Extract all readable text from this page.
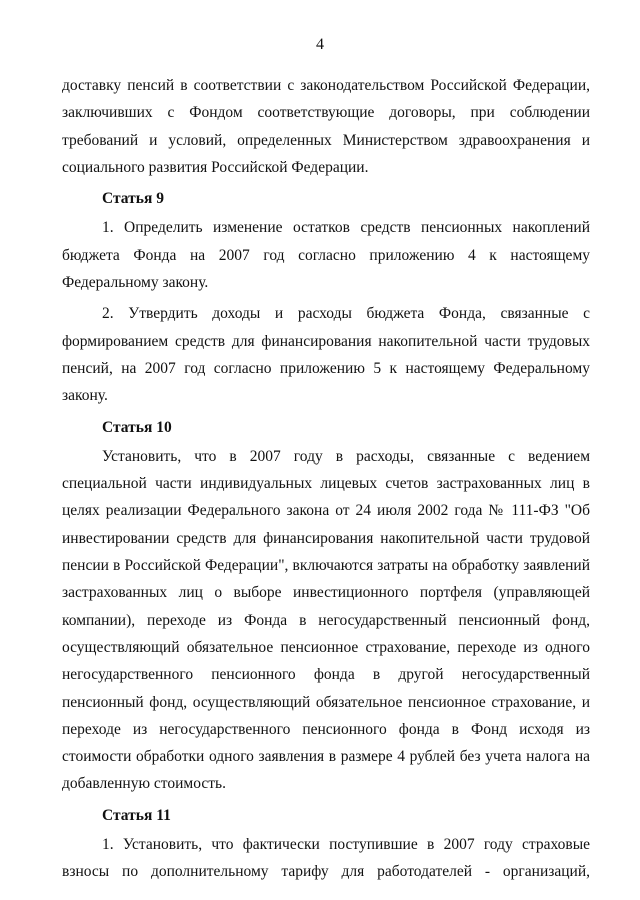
4
доставку пенсий в соответствии с законодательством Российской Федерации,
заключивших с Фондом соответствующие договоры, при соблюдении
требований и условий, определенных Министерством здравоохранения и
социального развития Российской Федерации.
Статья 9
1. Определить изменение остатков средств пенсионных накоплений
бюджета Фонда на 2007 год согласно приложению 4 к настоящему
Федеральному закону.
2. Утвердить доходы и расходы бюджета Фонда, связанные с
формированием средств для финансирования накопительной части трудовых
пенсий, на 2007 год согласно приложению 5 к настоящему Федеральному
закону.
Статья 10
Установить, что в 2007 году в расходы, связанные с ведением
специальной части индивидуальных лицевых счетов застрахованных лиц в
целях реализации Федерального закона от 24 июля 2002 года № 111-ФЗ "Об
инвестировании средств для финансирования накопительной части трудовой
пенсии в Российской Федерации", включаются затраты на обработку заявлений
застрахованных лиц о выборе инвестиционного портфеля (управляющей
компании), переходе из Фонда в негосударственный пенсионный фонд,
осуществляющий обязательное пенсионное страхование, переходе из одного
негосударственного пенсионного фонда в другой негосударственный
пенсионный фонд, осуществляющий обязательное пенсионное страхование, и
переходе из негосударственного пенсионного фонда в Фонд исходя из
стоимости обработки одного заявления в размере 4 рублей без учета налога на
добавленную стоимость.
Статья 11
1. Установить, что фактически поступившие в 2007 году страховые
взносы по дополнительному тарифу для работодателей - организаций,
